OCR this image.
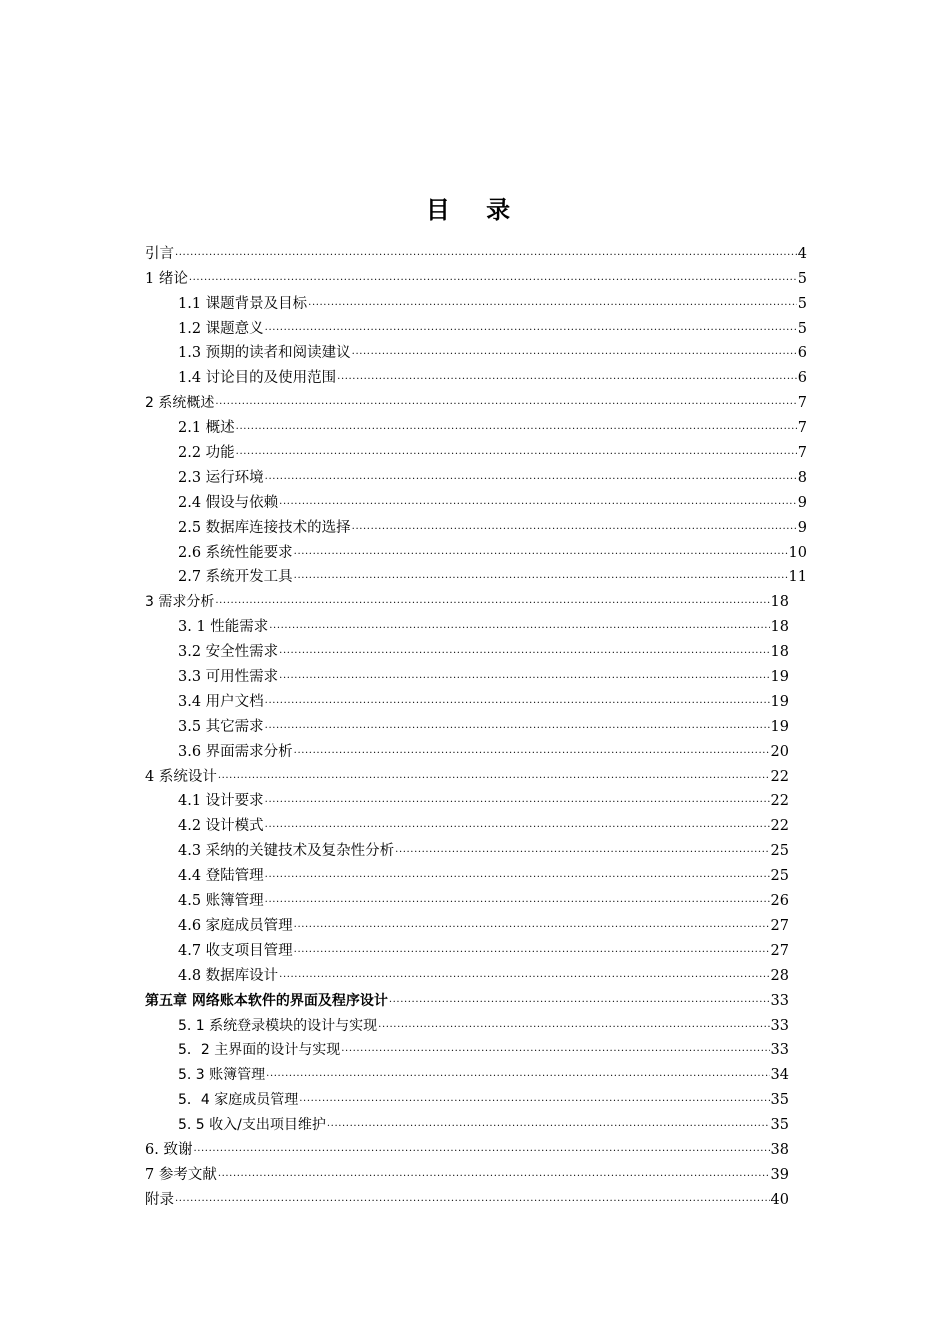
目 录
引言 .....	4
1 绪论 .....	5
1.1 课题背景及目标 .....	5
1.2 课题意义 .....	5
1.3 预期的读者和阅读建议 .....	6
1.4 讨论目的及使用范围 .....	6
2 系统概述 .....	7
2.1 概述 .....	7
2.2 功能 .....	7
2.3 运行环境 .....	8
2.4 假设与依赖 .....	9
2.5 数据库连接技术的选择 .....	9
2.6 系统性能要求 .....	10
2.7 系统开发工具 .....	11
3 需求分析 .....	18
3. 1 性能需求 .....	18
3.2 安全性需求 .....	18
3.3 可用性需求 .....	19
3.4 用户文档 .....	19
3.5 其它需求 .....	19
3.6 界面需求分析 .....	20
4 系统设计 .....	22
4.1 设计要求 .....	22
4.2 设计模式 .....	22
4.3 采纳的关键技术及复杂性分析 .....	25
4.4 登陆管理 .....	25
4.5 账簿管理 .....	26
4.6 家庭成员管理 .....	27
4.7 收支项目管理 .....	27
4.8 数据库设计 .....	28
第五章 网络账本软件的界面及程序设计 .....	33
5. 1 系统登录模块的设计与实现 .....	33
5．2 主界面的设计与实现 .....	33
5. 3 账簿管理 .....	34
5．4 家庭成员管理 .....	35
5. 5 收入/支出项目维护 .....	35
6. 致谢 .....	38
7 参考文献 .....	39
附录 .....	40
